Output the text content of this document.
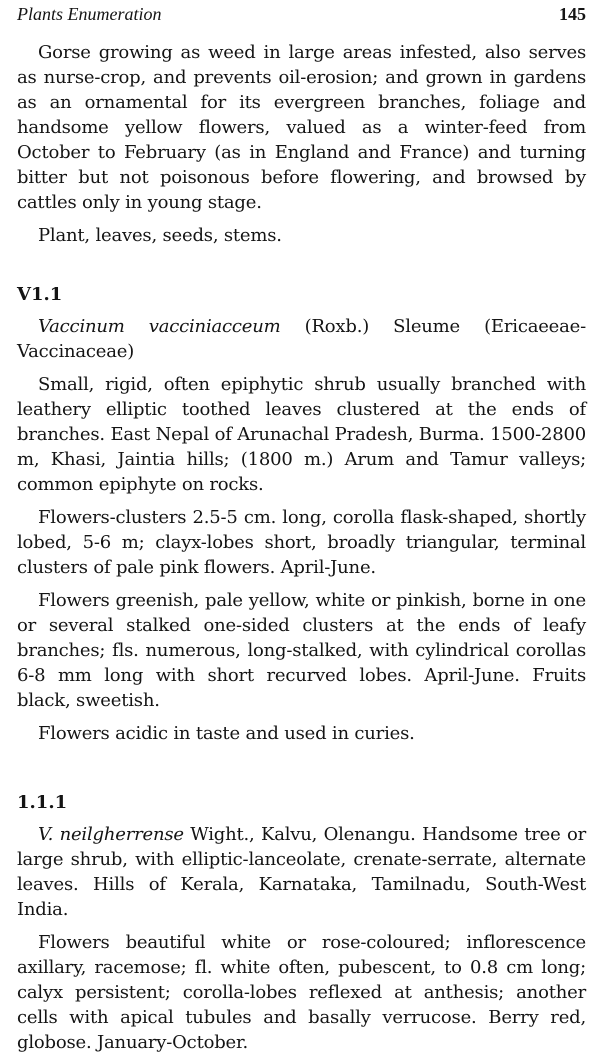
Plants Enumeration	145

Gorse growing as weed in large areas infested, also serves as nurse-crop, and prevents oil-erosion; and grown in gardens as an ornamental for its evergreen branches, foliage and handsome yellow flowers, valued as a winter-feed from October to February (as in England and France) and turning bitter but not poisonous before flowering, and browsed by cattles only in young stage.

Plant, leaves, seeds, stems.

V1.1
Vaccinum vacciniacceum (Roxb.) Sleume (Ericaeeae-Vaccinaceae)

Small, rigid, often epiphytic shrub usually branched with leathery elliptic toothed leaves clustered at the ends of branches. East Nepal of Arunachal Pradesh, Burma. 1500-2800 m, Khasi, Jaintia hills; (1800 m.) Arum and Tamur valleys; common epiphyte on rocks.

Flowers-clusters 2.5-5 cm. long, corolla flask-shaped, shortly lobed, 5-6 m; clayx-lobes short, broadly triangular, terminal clusters of pale pink flowers. April-June.

Flowers greenish, pale yellow, white or pinkish, borne in one or several stalked one-sided clusters at the ends of leafy branches; fls. numerous, long-stalked, with cylindrical corollas 6-8 mm long with short recurved lobes. April-June. Fruits black, sweetish.

Flowers acidic in taste and used in curies.

1.1.1

V. neilgherrense Wight., Kalvu, Olenangu. Handsome tree or large shrub, with elliptic-lanceolate, crenate-serrate, alternate leaves. Hills of Kerala, Karnataka, Tamilnadu, South-West India.

Flowers beautiful white or rose-coloured; inflorescence axillary, racemose; fl. white often, pubescent, to 0.8 cm long; calyx persistent; corolla-lobes reflexed at anthesis; another cells with apical tubules and basally verrucose. Berry red, globose. January-October.
